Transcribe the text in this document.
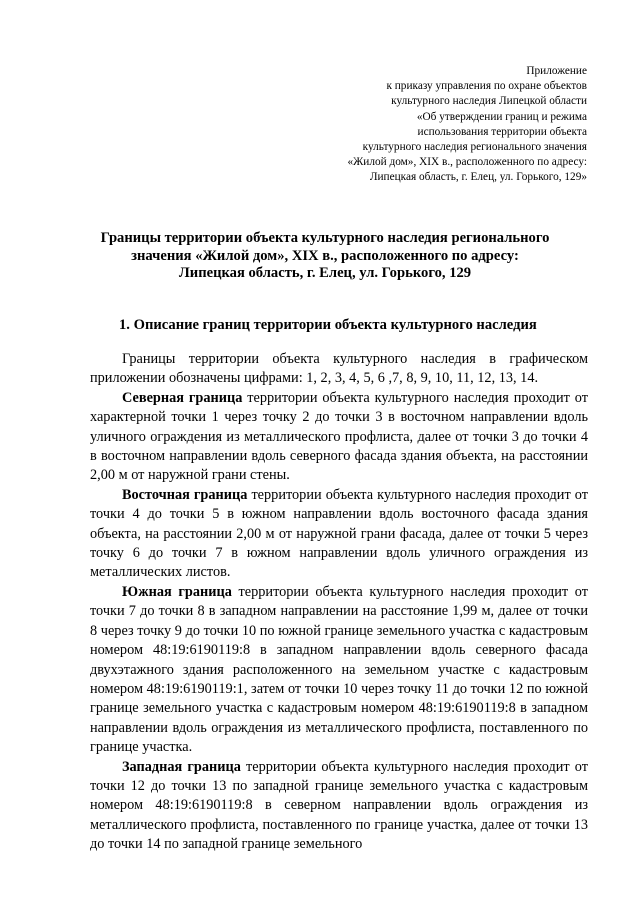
Приложение
к приказу управления по охране объектов
культурного наследия Липецкой области
«Об утверждении границ и режима
использования территории объекта
культурного наследия регионального значения
«Жилой дом», XIX в., расположенного по адресу:
Липецкая область, г. Елец, ул. Горького, 129»
Границы территории объекта культурного наследия регионального
значения «Жилой дом», XIX в., расположенного по адресу:
Липецкая область, г. Елец, ул. Горького, 129
1. Описание границ территории объекта культурного наследия

Границы территории объекта культурного наследия в графическом приложении обозначены цифрами: 1, 2, 3, 4, 5, 6 ,7, 8, 9, 10, 11, 12, 13, 14.

Северная граница территории объекта культурного наследия проходит от характерной точки 1 через точку 2 до точки 3 в восточном направлении вдоль уличного ограждения из металлического профлиста, далее от точки 3 до точки 4 в восточном направлении вдоль северного фасада здания объекта, на расстоянии 2,00 м от наружной грани стены.

Восточная граница территории объекта культурного наследия проходит от точки 4 до точки 5 в южном направлении вдоль восточного фасада здания объекта, на расстоянии 2,00 м от наружной грани фасада, далее от точки 5 через точку 6 до точки 7 в южном направлении вдоль уличного ограждения из металлических листов.

Южная граница территории объекта культурного наследия проходит от точки 7 до точки 8 в западном направлении на расстояние 1,99 м, далее от точки 8 через точку 9 до точки 10 по южной границе земельного участка с кадастровым номером 48:19:6190119:8 в западном направлении вдоль северного фасада двухэтажного здания расположенного на земельном участке с кадастровым номером 48:19:6190119:1, затем от точки 10 через точку 11 до точки 12 по южной границе земельного участка с кадастровым номером 48:19:6190119:8 в западном направлении вдоль ограждения из металлического профлиста, поставленного по границе участка.

Западная граница территории объекта культурного наследия проходит от точки 12 до точки 13 по западной границе земельного участка с кадастровым номером 48:19:6190119:8 в северном направлении вдоль ограждения из металлического профлиста, поставленного по границе участка, далее от точки 13 до точки 14 по западной границе земельного
